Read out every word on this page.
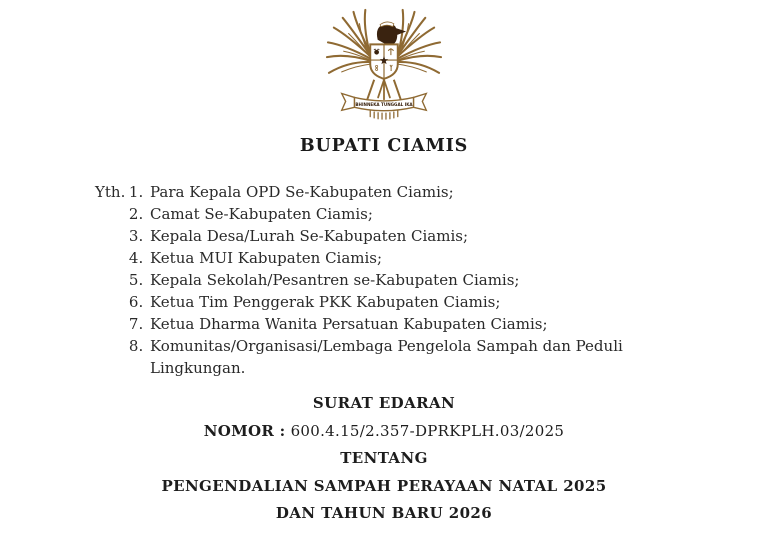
BHINNEKA TUNGGAL IKA
BUPATI CIAMIS
Yth. 1. Para Kepala OPD Se-Kabupaten Ciamis;
2. Camat Se-Kabupaten Ciamis;
3. Kepala Desa/Lurah Se-Kabupaten Ciamis;
4. Ketua MUI Kabupaten Ciamis;
5. Kepala Sekolah/Pesantren se-Kabupaten Ciamis;
6. Ketua Tim Penggerak PKK Kabupaten Ciamis;
7. Ketua Dharma Wanita Persatuan Kabupaten Ciamis;
8. Komunitas/Organisasi/Lembaga Pengelola Sampah dan Peduli Lingkungan.
SURAT EDARAN
NOMOR : 600.4.15/2.357-DPRKPLH.03/2025
TENTANG
PENGENDALIAN SAMPAH PERAYAAN NATAL 2025
DAN TAHUN BARU 2026
